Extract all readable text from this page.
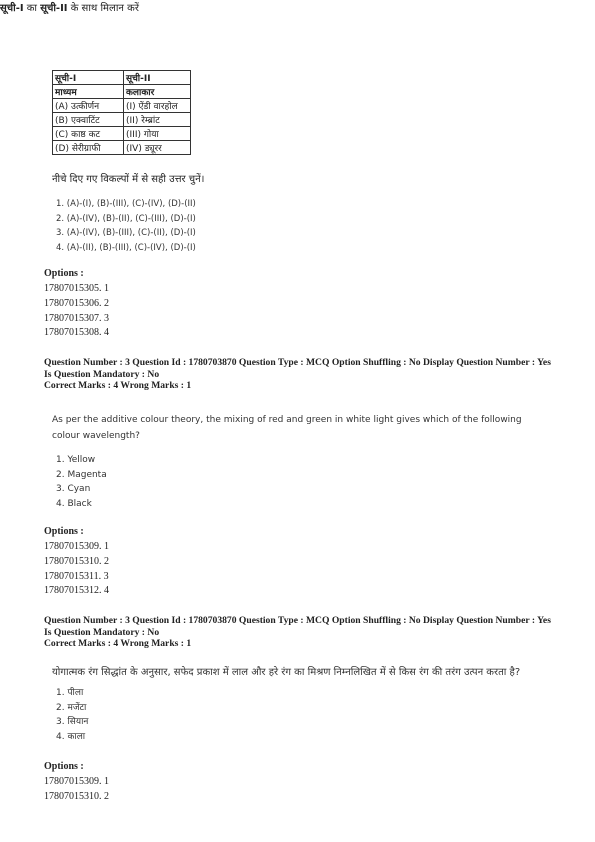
सूची-I का सूची-II के साथ मिलान करें
सूची-I	सूची-II
माध्यम	कलाकार
(A) उत्कीर्णन	(I) ऐंडी वारहोल
(B) एक्वाटिंट	(II) रेम्ब्रांट
(C) काष्ठ कट	(III) गोया
(D) सेरीग्राफी	(IV) ड्यूरर
नीचे दिए गए विकल्पों में से सही उत्तर चुनें।
1. (A)-(I), (B)-(III), (C)-(IV), (D)-(II)
2. (A)-(IV), (B)-(II), (C)-(III), (D)-(I)
3. (A)-(IV), (B)-(III), (C)-(II), (D)-(I)
4. (A)-(II), (B)-(III), (C)-(IV), (D)-(I)
Options :
17807015305. 1
17807015306. 2
17807015307. 3
17807015308. 4
Question Number : 3 Question Id : 1780703870 Question Type : MCQ Option Shuffling : No Display Question Number : Yes
Is Question Mandatory : No
Correct Marks : 4 Wrong Marks : 1
As per the additive colour theory, the mixing of red and green in white light gives which of the following
colour wavelength?
1. Yellow
2. Magenta
3. Cyan
4. Black
Options :
17807015309. 1
17807015310. 2
17807015311. 3
17807015312. 4
Question Number : 3 Question Id : 1780703870 Question Type : MCQ Option Shuffling : No Display Question Number : Yes
Is Question Mandatory : No
Correct Marks : 4 Wrong Marks : 1
योगात्मक रंग सिद्धांत के अनुसार, सफेद प्रकाश में लाल और हरे रंग का मिश्रण निम्नलिखित में से किस रंग की तरंग उत्पन करता है?
1. पीला
2. मजेंटा
3. सियान
4. काला
Options :
17807015309. 1
17807015310. 2
